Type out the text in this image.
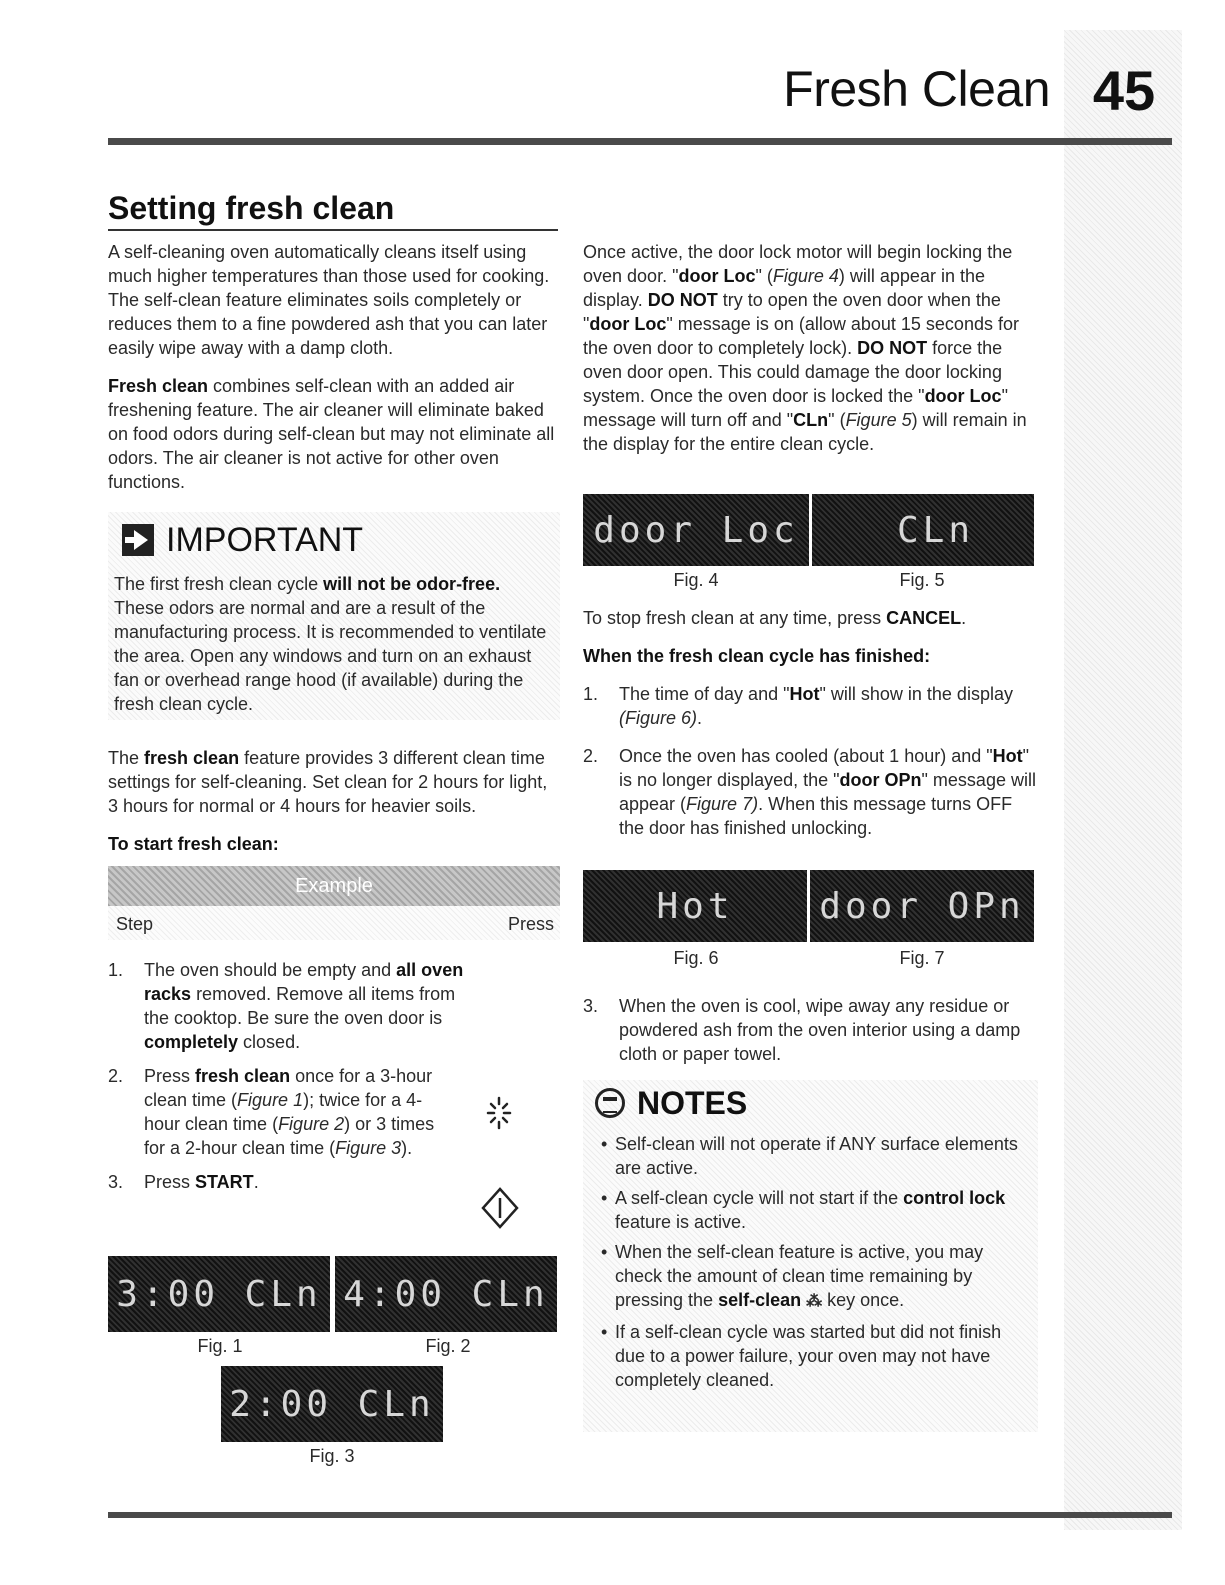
Fresh Clean 45
Setting fresh clean

A self-cleaning oven automatically cleans itself using much higher temperatures than those used for cooking. The self-clean feature eliminates soils completely or reduces them to a fine powdered ash that you can later easily wipe away with a damp cloth.

Fresh clean combines self-clean with an added air freshening feature. The air cleaner will eliminate baked on food odors during self-clean but may not eliminate all odors. The air cleaner is not active for other oven functions.

IMPORTANT

The first fresh clean cycle will not be odor-free. These odors are normal and are a result of the manufacturing process. It is recommended to ventilate the area. Open any windows and turn on an exhaust fan or overhead range hood (if available) during the fresh clean cycle.

The fresh clean feature provides 3 different clean time settings for self-cleaning. Set clean for 2 hours for light, 3 hours for normal or 4 hours for heavier soils.

To start fresh clean:
Example
Step	Press
1.	The oven should be empty and all oven racks removed. Remove all items from the cooktop. Be sure the oven door is completely closed.
2.	Press fresh clean once for a 3-hour clean time (Figure 1); twice for a 4-hour clean time (Figure 2) or 3 times for a 2-hour clean time (Figure 3).
3.	Press START.
3:00 CLn 4:00 CLn
Fig. 1	Fig. 2
2:00 CLn
Fig. 3

Once active, the door lock motor will begin locking the oven door. "door Loc" (Figure 4) will appear in the display. DO NOT try to open the oven door when the "door Loc" message is on (allow about 15 seconds for the oven door to completely lock). DO NOT force the oven door open. This could damage the door locking system. Once the oven door is locked the "door Loc" message will turn off and "CLn" (Figure 5) will remain in the display for the entire clean cycle.

door Loc	CLn
Fig. 4	Fig. 5

To stop fresh clean at any time, press CANCEL.

When the fresh clean cycle has finished:
1.	The time of day and "Hot" will show in the display (Figure 6).
2.	Once the oven has cooled (about 1 hour) and "Hot" is no longer displayed, the "door OPn" message will appear (Figure 7). When this message turns OFF the door has finished unlocking.
Hot	door OPn
Fig. 6	Fig. 7
3.	When the oven is cool, wipe away any residue or powdered ash from the oven interior using a damp cloth or paper towel.
NOTES
• Self-clean will not operate if ANY surface elements are active.
• A self-clean cycle will not start if the control lock feature is active.
• When the self-clean feature is active, you may check the amount of clean time remaining by pressing the self-clean ⁂ key once.
• If a self-clean cycle was started but did not finish due to a power failure, your oven may not have completely cleaned.
